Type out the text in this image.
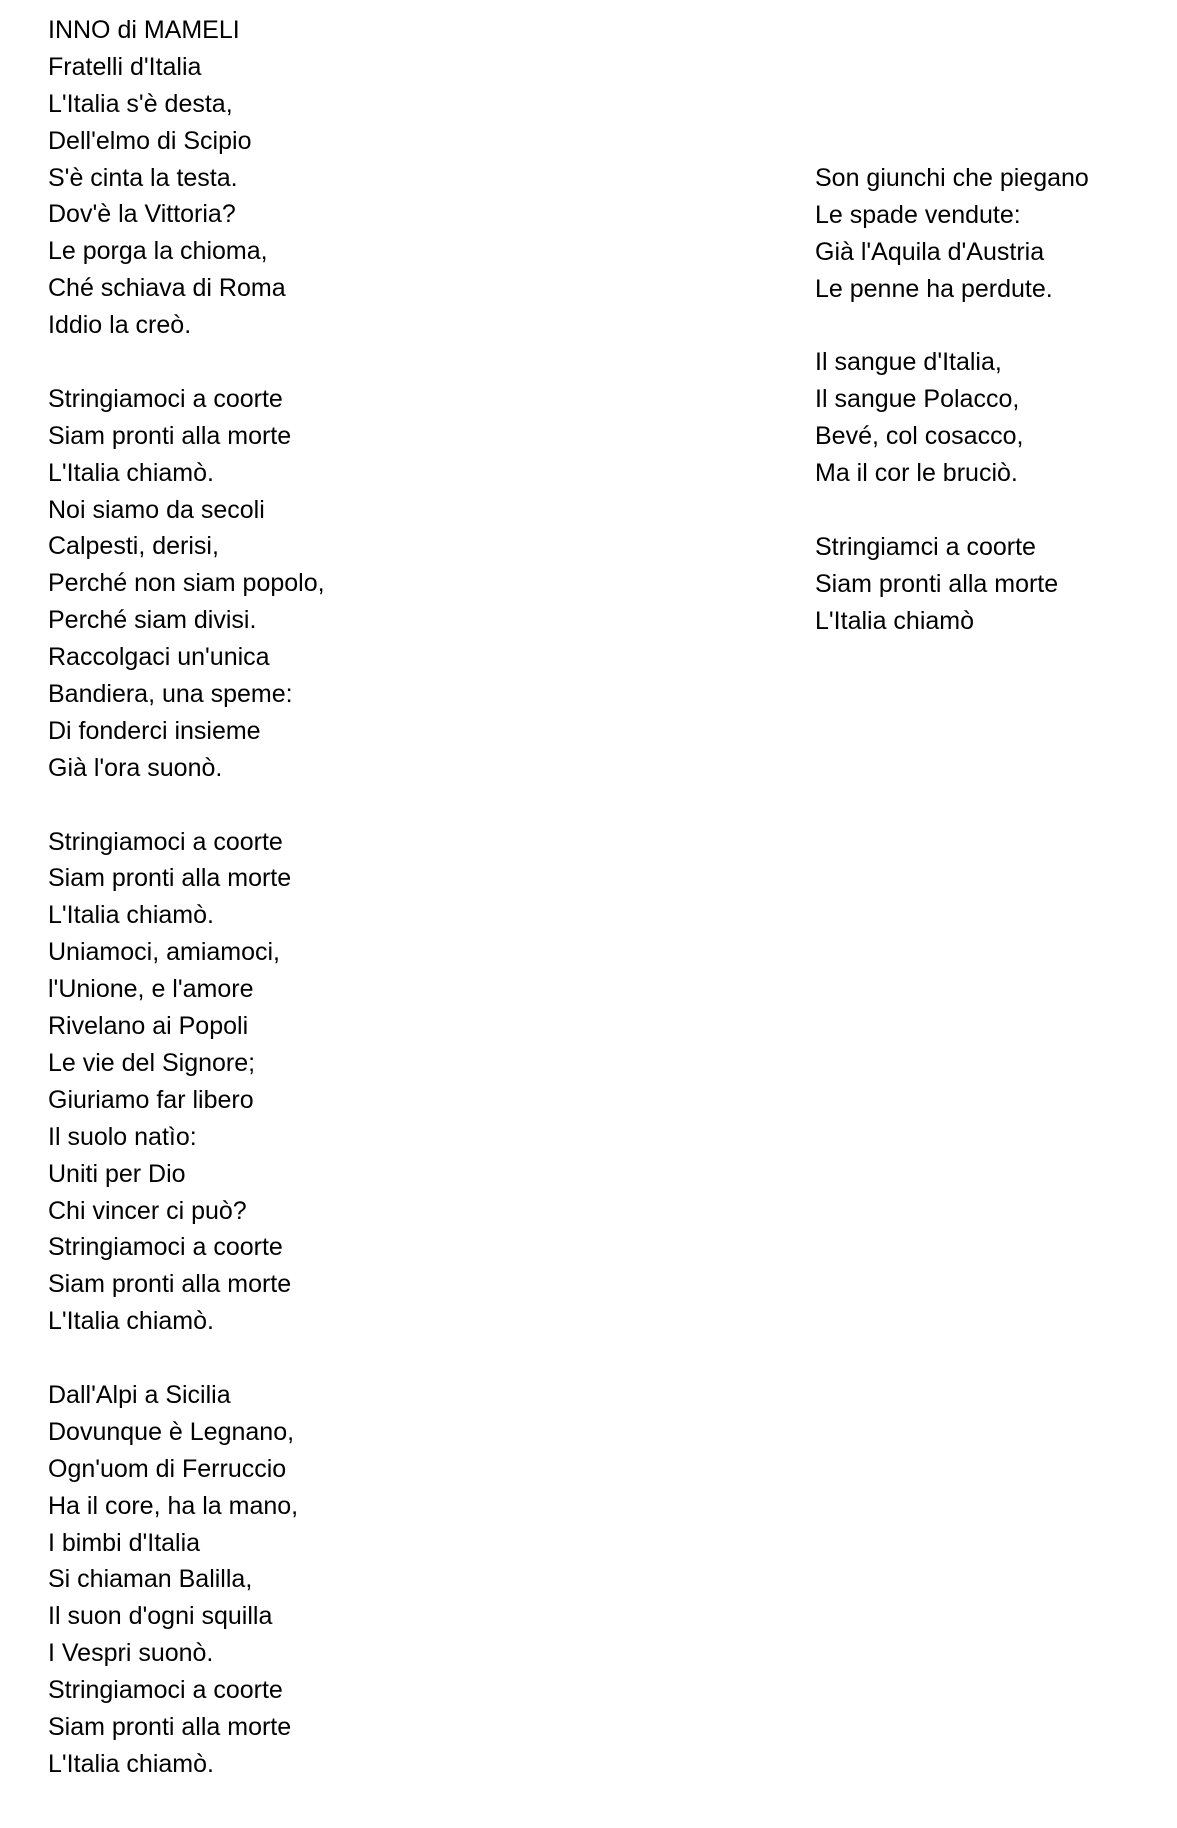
INNO di MAMELI
Fratelli d'Italia
L'Italia s'è desta,
Dell'elmo di Scipio
S'è cinta la testa.
Dov'è la Vittoria?
Le porga la chioma,
Ché schiava di Roma
Iddio la creò.
Stringiamoci a coorte
Siam pronti alla morte
L'Italia chiamò.
Noi siamo da secoli
Calpesti, derisi,
Perché non siam popolo,
Perché siam divisi.
Raccolgaci un'unica
Bandiera, una speme:
Di fonderci insieme
Già l'ora suonò.
Stringiamoci a coorte
Siam pronti alla morte
L'Italia chiamò.
Uniamoci, amiamoci,
l'Unione, e l'amore
Rivelano ai Popoli
Le vie del Signore;
Giuriamo far libero
Il suolo natìo:
Uniti per Dio
Chi vincer ci può?
Stringiamoci a coorte
Siam pronti alla morte
L'Italia chiamò.
Dall'Alpi a Sicilia
Dovunque è Legnano,
Ogn'uom di Ferruccio
Ha il core, ha la mano,
I bimbi d'Italia
Si chiaman Balilla,
Il suon d'ogni squilla
I Vespri suonò.
Stringiamoci a coorte
Siam pronti alla morte
L'Italia chiamò.
Son giunchi che piegano
Le spade vendute:
Già l'Aquila d'Austria
Le penne ha perdute.
Il sangue d'Italia,
Il sangue Polacco,
Bevé, col cosacco,
Ma il cor le bruciò.
Stringiamci a coorte
Siam pronti alla morte
L'Italia chiamò
